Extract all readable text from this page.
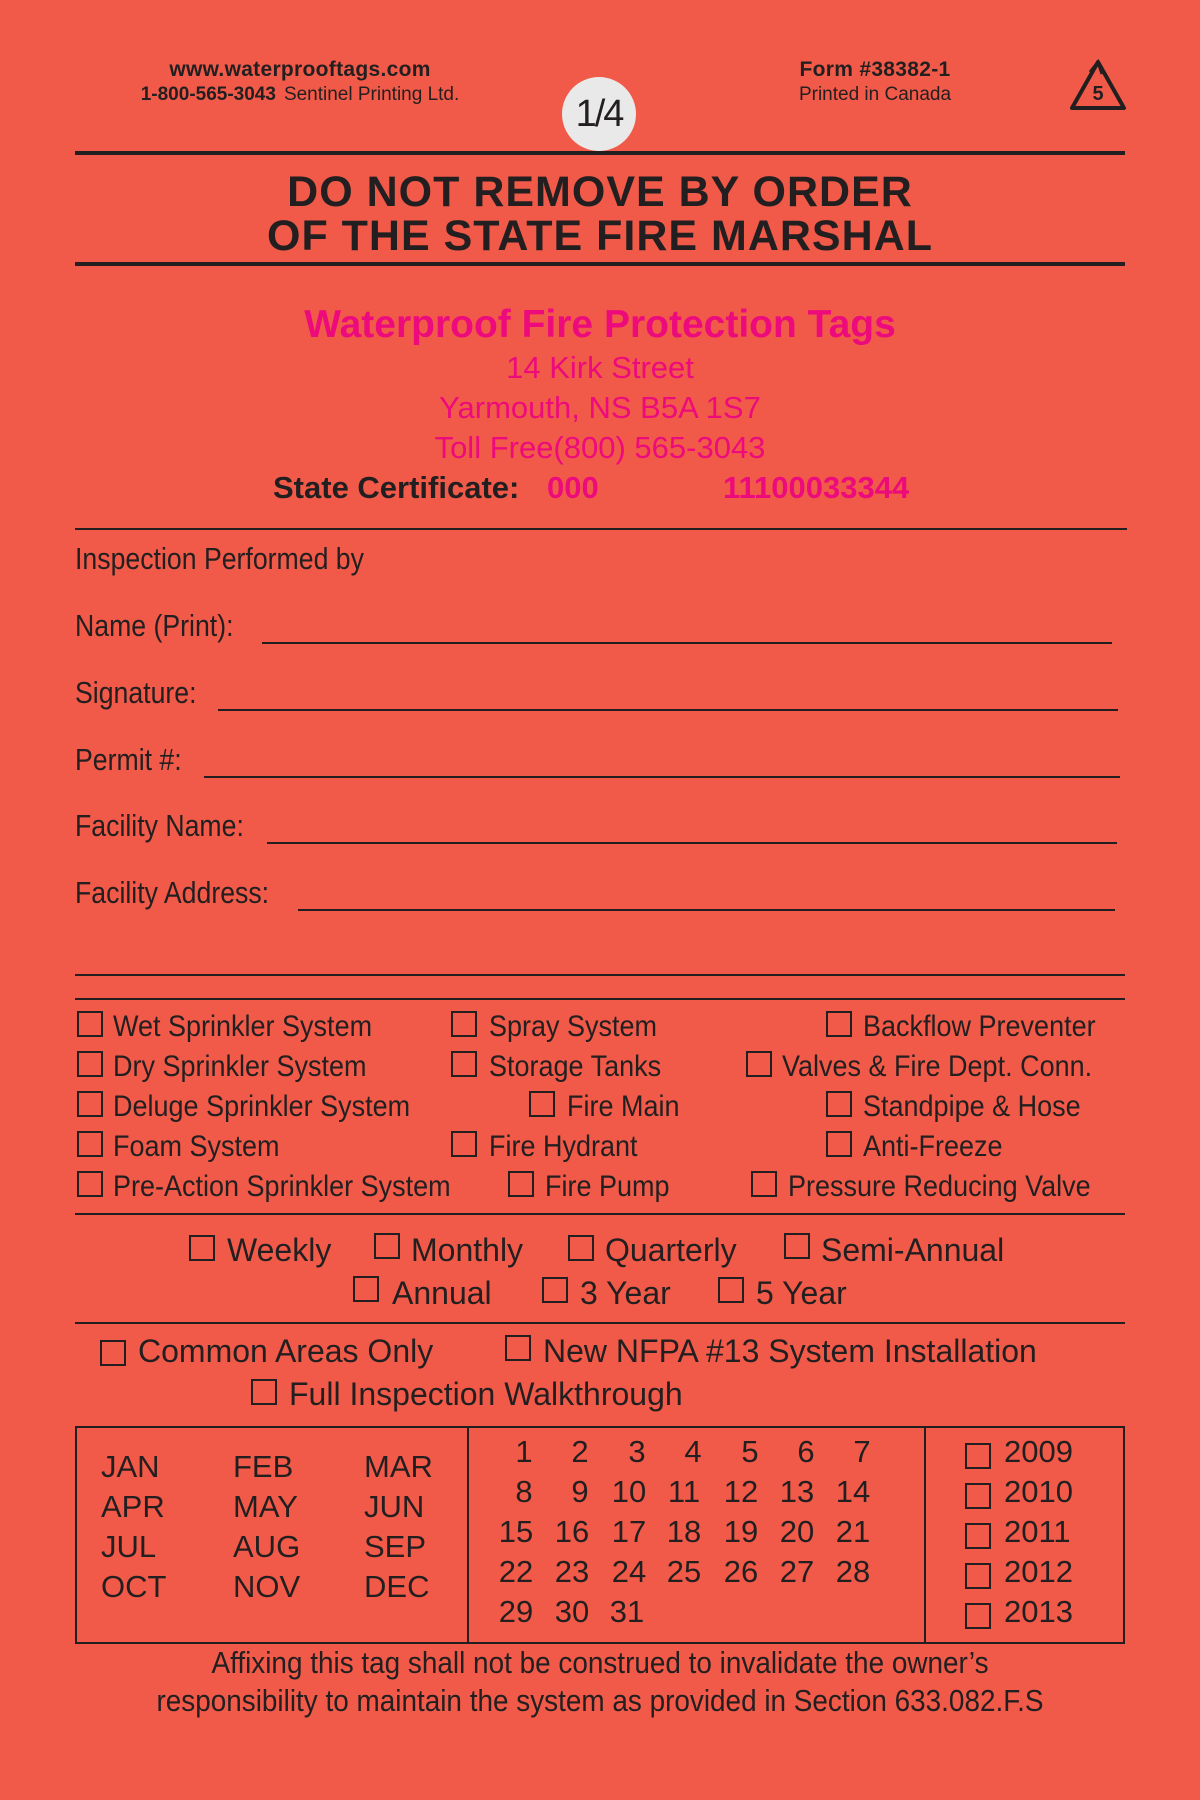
www.waterprooftags.com
1-800-565-3043 Sentinel Printing Ltd.	1/4
Form #38382-1
Printed in Canada	5
DO NOT REMOVE BY ORDER
OF THE STATE FIRE MARSHAL
Waterproof Fire Protection Tags
14 Kirk Street
Yarmouth, NS B5A 1S7
Toll Free(800) 565-3043
State Certificate: 000	11100033344
Inspection Performed by
Name (Print):
Signature:
Permit #:
Facility Name:
Facility Address:
Wet Sprinkler System
Dry Sprinkler System
Deluge Sprinkler System
Foam System
Pre-Action Sprinkler System
Spray System
Storage Tanks
Fire Main
Fire Hydrant
Fire Pump
Backflow Preventer
Valves & Fire Dept. Conn.
Standpipe & Hose
Anti-Freeze
Pressure Reducing Valve
Weekly Monthly	Quarterly	Semi-Annual
Annual	3 Year	5 Year
Common Areas Only	New NFPA #13 System Installation
Full Inspection Walkthrough
JAN FEB MAR
APR MAY JUN
JUL AUG SEP
OCT NOV DEC
1	2	3	4	5	6	7
8	9 10 11 12 13 14
15 16 17 18 19 20 21
22 23 24 25 26 27 28
29 30 31
2009
2010
2011
2012
2013
Affixing this tag shall not be construed to invalidate the owner’s
responsibility to maintain the system as provided in Section 633.082.F.S
